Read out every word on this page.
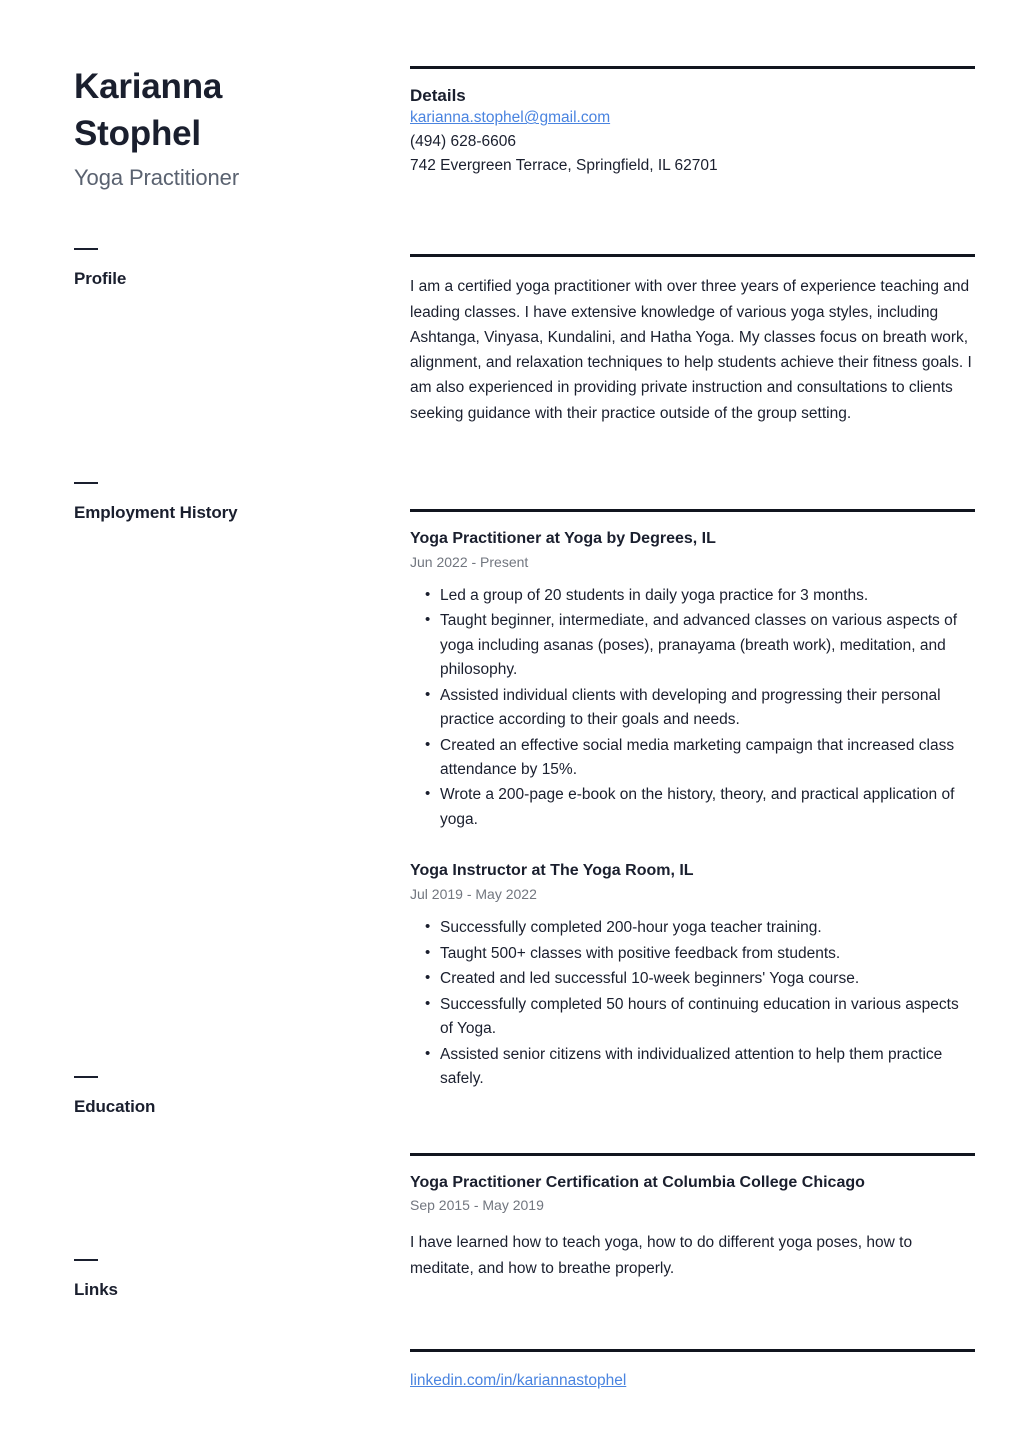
Karianna
Stophel
Yoga Practitioner
Profile
Employment History
Education
Links
Details
karianna.stophel@gmail.com
(494) 628-6606
742 Evergreen Terrace, Springfield, IL 62701

I am a certified yoga practitioner with over three years of experience teaching and leading classes. I have extensive knowledge of various yoga styles, including Ashtanga, Vinyasa, Kundalini, and Hatha Yoga. My classes focus on breath work, alignment, and relaxation techniques to help students achieve their fitness goals. I am also experienced in providing private instruction and consultations to clients seeking guidance with their practice outside of the group setting.

Yoga Practitioner at Yoga by Degrees, IL
Jun 2022 - Present
• Led a group of 20 students in daily yoga practice for 3 months.
• Taught beginner, intermediate, and advanced classes on various aspects of yoga including asanas (poses), pranayama (breath work), meditation, and philosophy.
• Assisted individual clients with developing and progressing their personal practice according to their goals and needs.
• Created an effective social media marketing campaign that increased class attendance by 15%.
• Wrote a 200-page e-book on the history, theory, and practical application of yoga.
Yoga Instructor at The Yoga Room, IL
Jul 2019 - May 2022
• Successfully completed 200-hour yoga teacher training.
• Taught 500+ classes with positive feedback from students.
• Created and led successful 10-week beginners' Yoga course.
• Successfully completed 50 hours of continuing education in various aspects of Yoga.
• Assisted senior citizens with individualized attention to help them practice safely.
Yoga Practitioner Certification at Columbia College Chicago
Sep 2015 - May 2019

I have learned how to teach yoga, how to do different yoga poses, how to meditate, and how to breathe properly.

linkedin.com/in/kariannastophel
